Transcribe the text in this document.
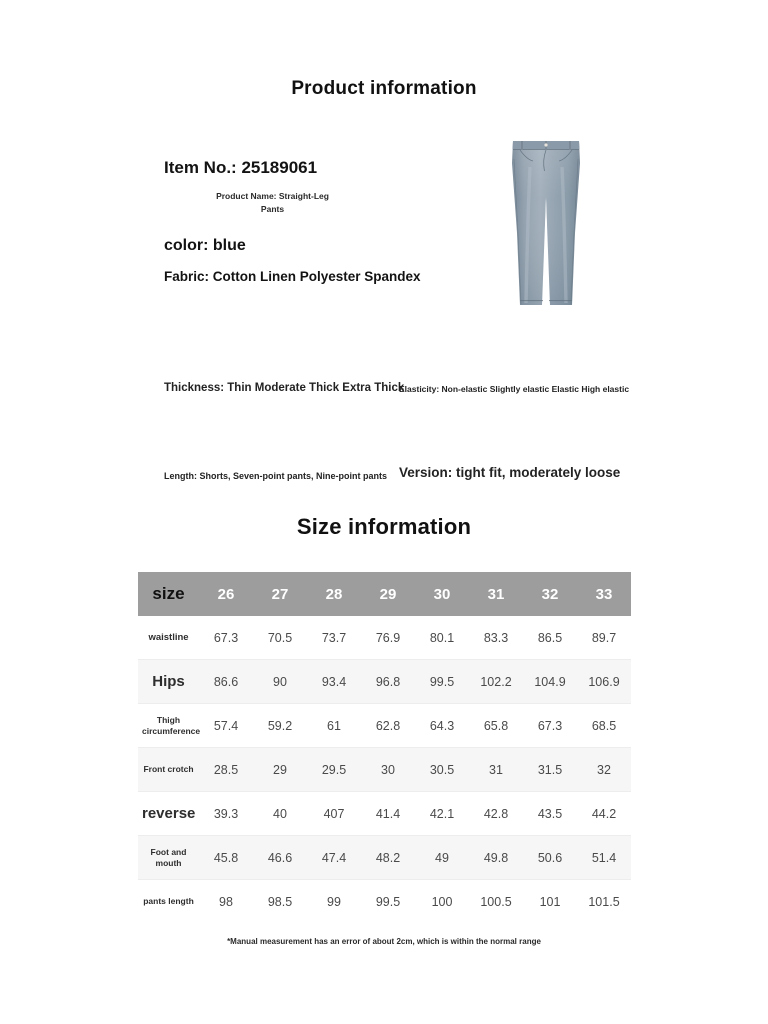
Product information
Item No.: 25189061
Product Name: Straight-Leg
Pants
color: blue
Fabric: Cotton Linen Polyester Spandex
Thickness: Thin Moderate Thick Extra Thick
Elasticity: Non-elastic Slightly elastic Elastic High elastic
Length: Shorts, Seven-point pants, Nine-point pants Version: tight fit, moderately loose
Size information
size	26	27	28	29	30	31	32	33
waistline	67.3	70.5	73.7	76.9	80.1	83.3	86.5	89.7
Hips	86.6	90	93.4	96.8	99.5	102.2	104.9	106.9
Thigh circumference	57.4	59.2	61	62.8	64.3	65.8	67.3	68.5
Front crotch	28.5	29	29.5	30	30.5	31	31.5	32
reverse	39.3	40	407	41.4	42.1	42.8	43.5	44.2
Foot and mouth	45.8	46.6	47.4	48.2	49	49.8	50.6	51.4
pants length	98	98.5	99	99.5	100	100.5	101	101.5
*Manual measurement has an error of about 2cm, which is within the normal range
